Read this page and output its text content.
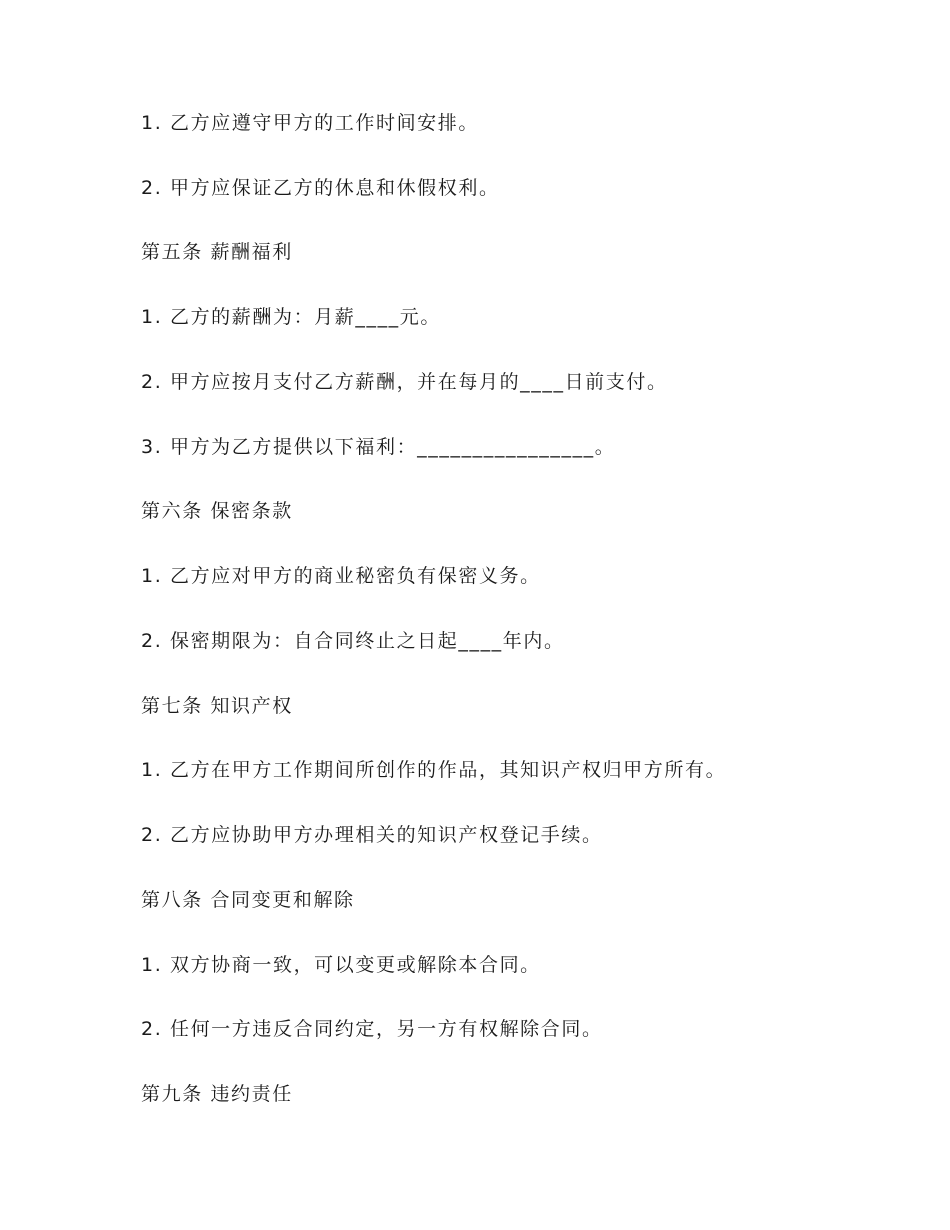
1. 乙方应遵守甲方的工作时间安排。
2. 甲方应保证乙方的休息和休假权利。
第五条 薪酬福利
1. 乙方的薪酬为：月薪____元。
2. 甲方应按月支付乙方薪酬，并在每月的____日前支付。
3. 甲方为乙方提供以下福利：________________。
第六条 保密条款
1. 乙方应对甲方的商业秘密负有保密义务。
2. 保密期限为：自合同终止之日起____年内。
第七条 知识产权
1. 乙方在甲方工作期间所创作的作品，其知识产权归甲方所有。
2. 乙方应协助甲方办理相关的知识产权登记手续。
第八条 合同变更和解除
1. 双方协商一致，可以变更或解除本合同。
2. 任何一方违反合同约定，另一方有权解除合同。
第九条 违约责任
